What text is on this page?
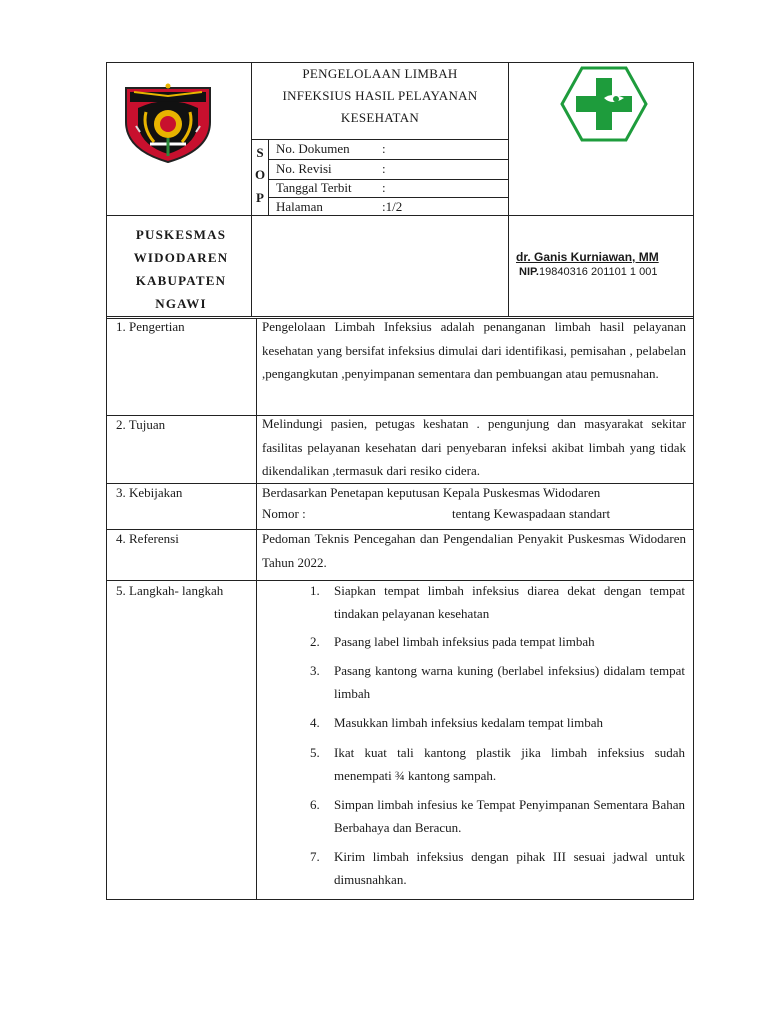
PENGELOLAAN LIMBAH
INFEKSIUS HASIL PELAYANAN
KESEHATAN
S
O
P
No. Dokumen :
No. Revisi	:
Tanggal Terbit :
Halaman	:1/2
PUSKESMAS
WIDODAREN
KABUPATEN
NGAWI
dr. Ganis Kurniawan, MM
NIP.19840316 201101 1 001
1. Pengertian	Pengelolaan Limbah Infeksius adalah penanganan limbah hasil pelayanan kesehatan yang bersifat infeksius dimulai dari identifikasi, pemisahan , pelabelan ,pengangkutan ,penyimpanan sementara dan pembuangan atau pemusnahan.
2. Tujuan	Melindungi pasien, petugas keshatan . pengunjung dan masyarakat sekitar fasilitas pelayanan kesehatan dari penyebaran infeksi akibat limbah yang tidak dikendalikan ,termasuk dari resiko cidera.
3. Kebijakan	Berdasarkan Penetapan keputusan Kepala Puskesmas Widodaren
Nomor :	tentang Kewaspadaan standart
4. Referensi	Pedoman Teknis Pencegahan dan Pengendalian Penyakit Puskesmas Widodaren Tahun 2022.
5. Langkah- langkah	1.	Siapkan tempat limbah infeksius diarea dekat dengan tempat tindakan pelayanan kesehatan
2.	Pasang label limbah infeksius pada tempat limbah
3.	Pasang kantong warna kuning (berlabel infeksius) didalam tempat limbah
4.	Masukkan limbah infeksius kedalam tempat limbah
5.	Ikat kuat tali kantong plastik jika limbah infeksius sudah menempati ¾ kantong sampah.
6.	Simpan limbah infesius ke Tempat Penyimpanan Sementara Bahan Berbahaya dan Beracun.
7.	Kirim limbah infeksius dengan pihak III sesuai jadwal untuk dimusnahkan.
